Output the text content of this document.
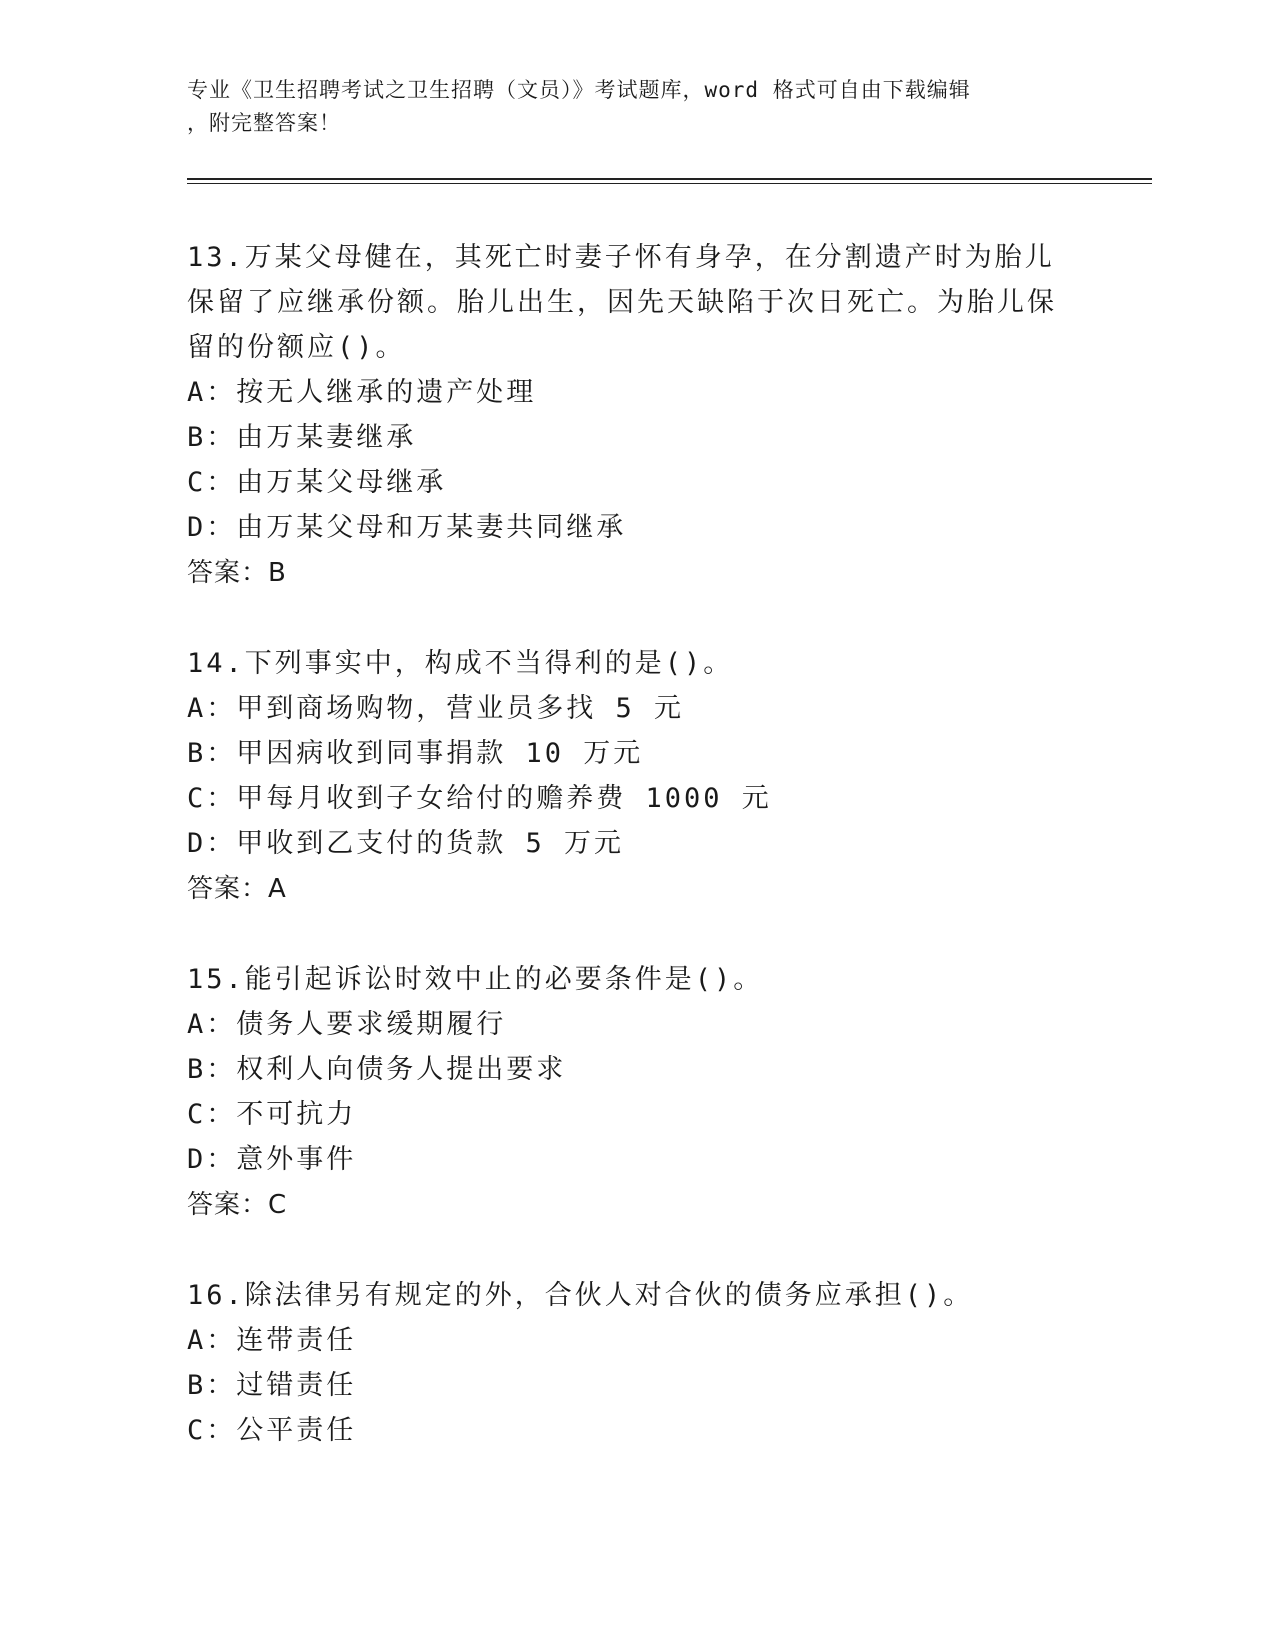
专业《卫生招聘考试之卫生招聘（文员）》考试题库，word 格式可自由下载编辑
，附完整答案！
13.万某父母健在，其死亡时妻子怀有身孕，在分割遗产时为胎儿保留了应继承份额。胎儿出生，因先天缺陷于次日死亡。为胎儿保留的份额应()。
A：按无人继承的遗产处理
B：由万某妻继承
C：由万某父母继承
D：由万某父母和万某妻共同继承
答案：B
14.下列事实中，构成不当得利的是()。
A：甲到商场购物，营业员多找 5 元
B：甲因病收到同事捐款 10 万元
C：甲每月收到子女给付的赡养费 1000 元
D：甲收到乙支付的货款 5 万元
答案：A
15.能引起诉讼时效中止的必要条件是()。
A：债务人要求缓期履行
B：权利人向债务人提出要求
C：不可抗力
D：意外事件
答案：C
16.除法律另有规定的外，合伙人对合伙的债务应承担()。
A：连带责任
B：过错责任
C：公平责任
